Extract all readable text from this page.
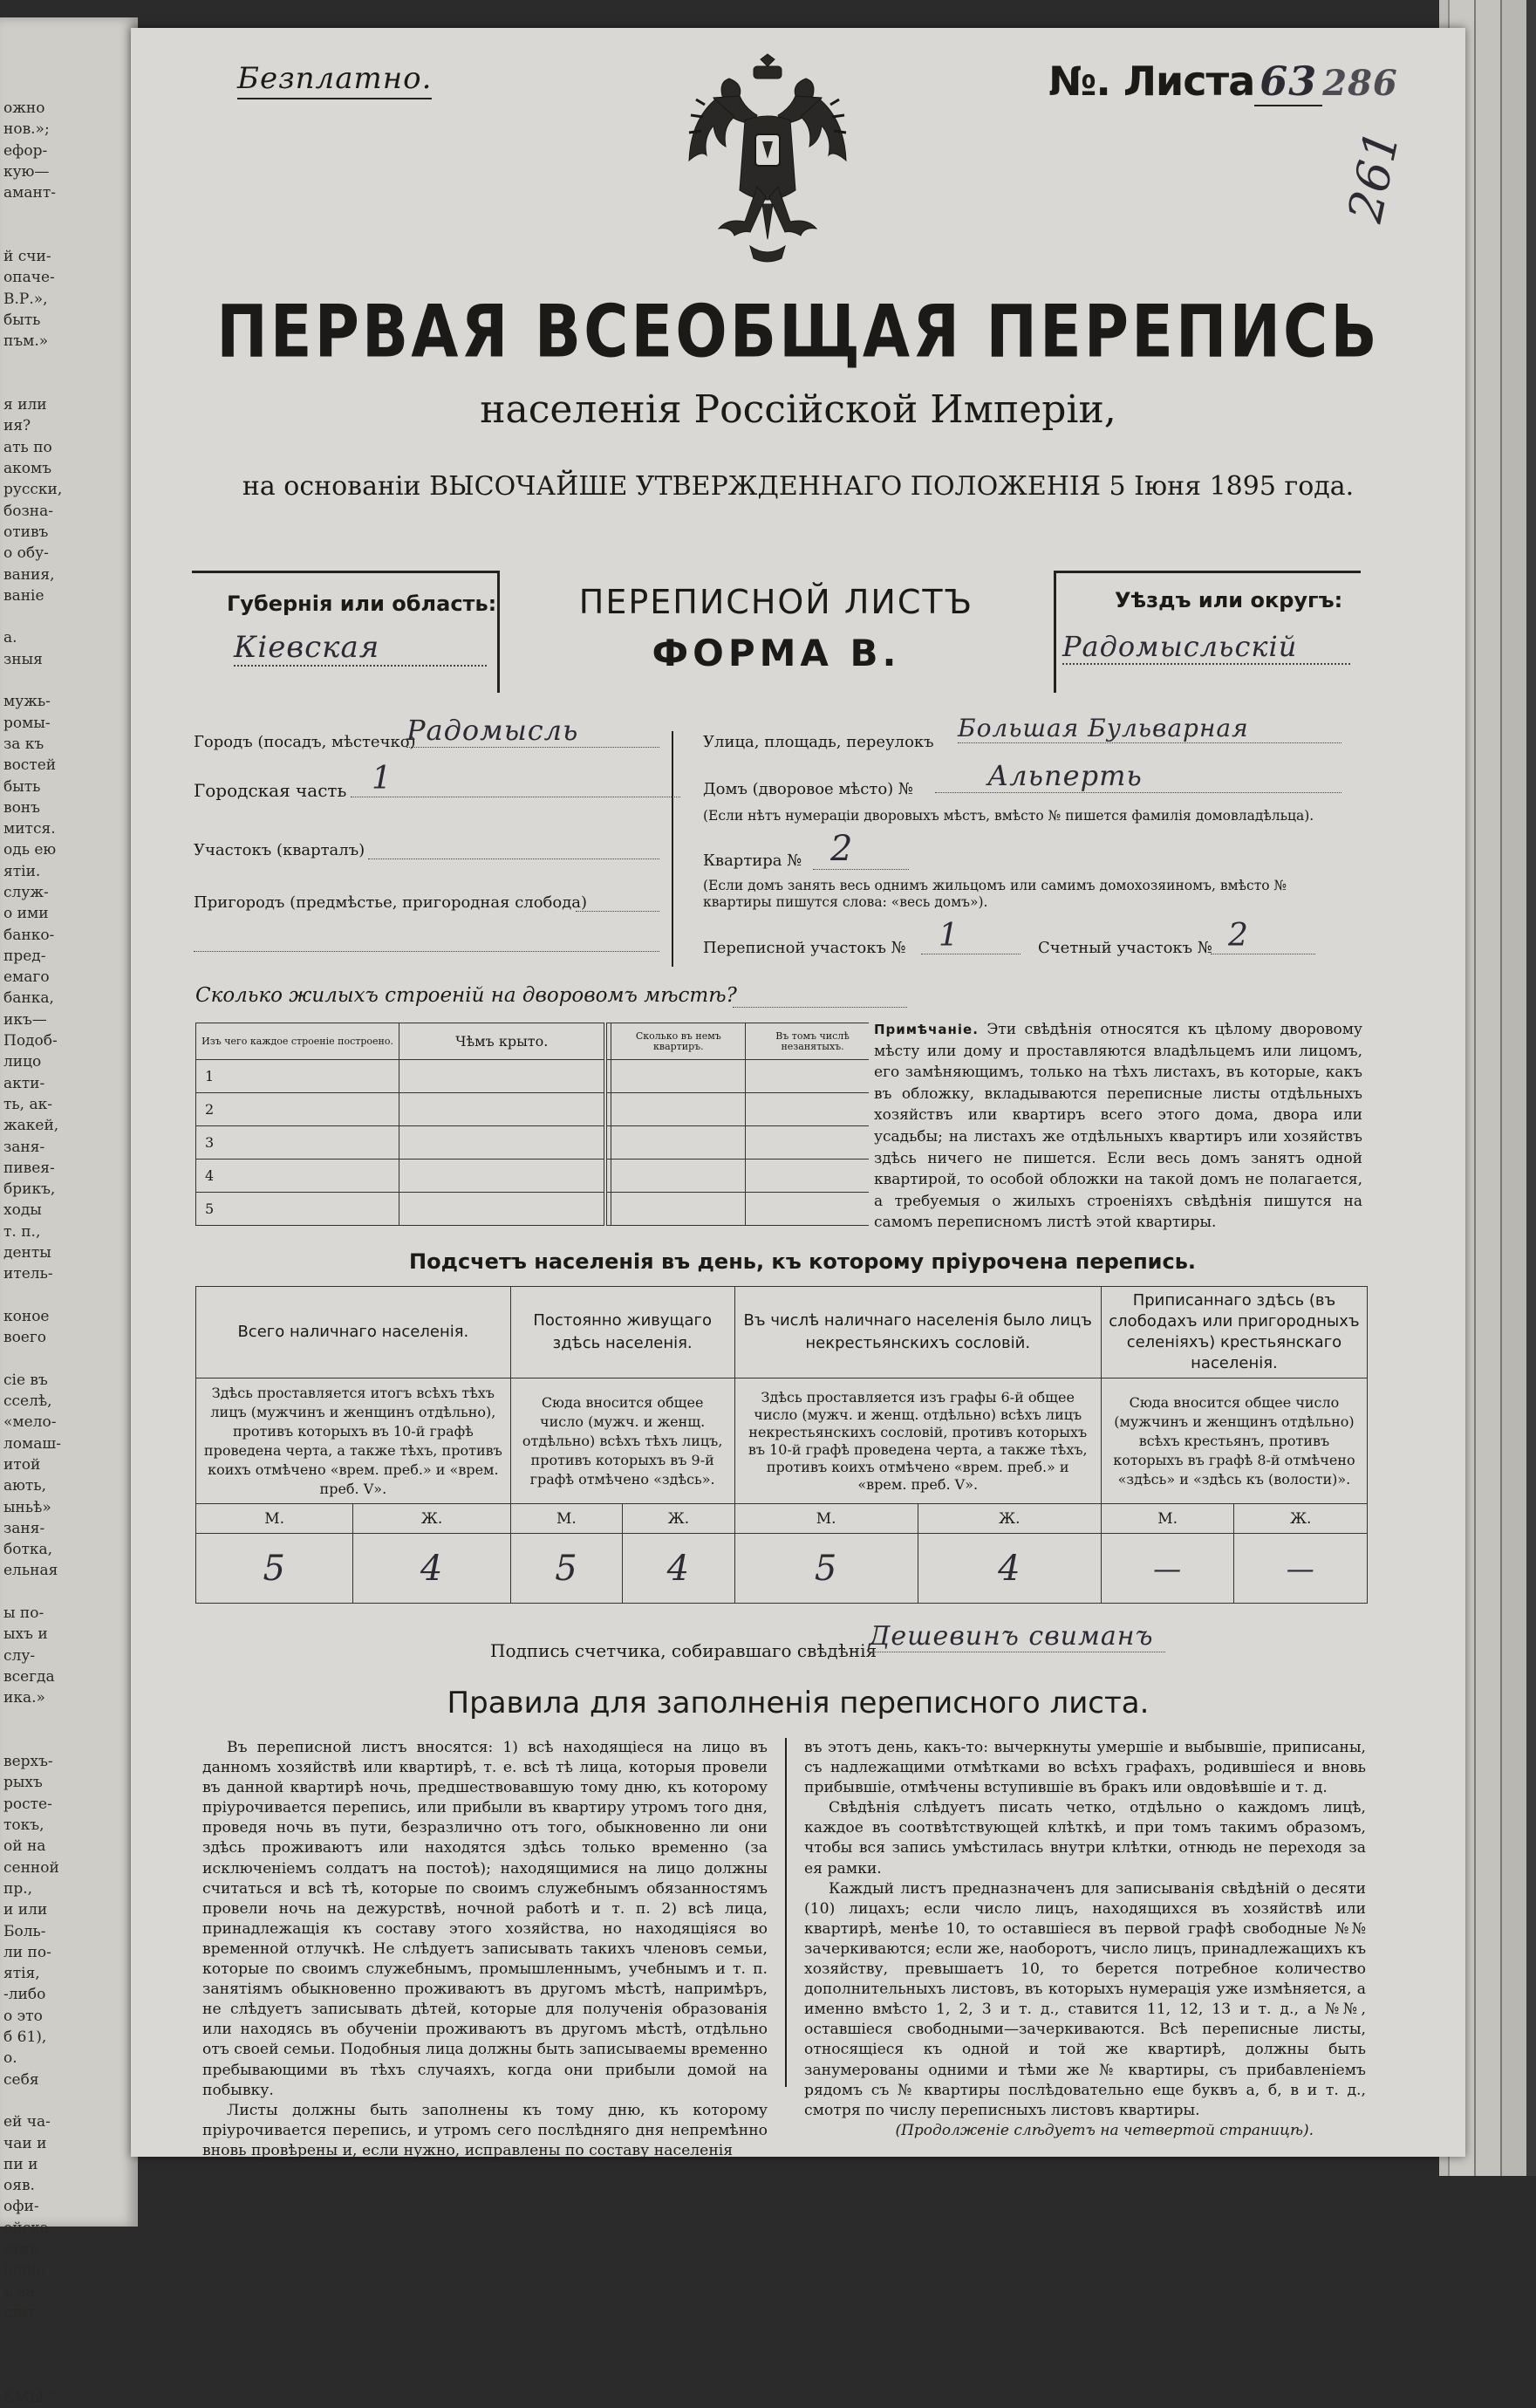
ожно
нов.»;
ефор-
кую—
амант-

й счи-
опаче-
В.Р.»,
быть
пъм.»

я или
ия?
ать по
акомъ
русски,
бозна-
отивъ
о обу-
вания,
ваніе

а.
зныя

мужь-
ромы-
за къ
востей
быть
вонъ
мится.
одь ею
ятіи.
служ-
о ими
банко-
пред-
емаго
банка,
икъ—
Подоб-
лицо
акти-
ть, ак-
жакей,
заня-
пивея-
брикъ,
ходы
т. п.,
денты
итель-

коное
воего

сіе въ
сселѣ,
«мело-
ломаш-
итой
ають,
ыньѣ»
заня-
ботка,
ельная

ы по-
ыхъ и
слу-
всегда
ика.»

верхъ-
рыхъ
росте-
токъ,
ой на
сенной
пр.,
и или
Боль-
ли по-
ятія,
-либо
о это
б 61),
о.
себя

ей ча-
чаи и
пи и
ояв.
офи-
ойска
ствъ
іеніе,
ъ за-
шит.

БМЫ."
Безплатно.	№. Листа 63 286
261
ПЕРВАЯ ВСЕОБЩАЯ ПЕРЕПИСЬ
населенія Россійской Имперіи,
на основаніи ВЫСОЧАЙШЕ УТВЕРЖДЕННАГО ПОЛОЖЕНІЯ 5 Іюня 1895 года.
Губернія или область:
Кіевская
ПЕРЕПИСНОЙ ЛИСТЪ
ФОРМА В.
Уѣздъ или округъ:
Радомысльскій
Городъ (посадъ, мѣстечко)
Радомысль
Городская часть 1
Участокъ (кварталъ)
Пригородъ (предмѣстье, пригородная слобода)
Улица, площадь, переулокъ Большая Бульварная
Домъ (дворовое мѣсто) №	Альперть
(Если нѣтъ нумераціи дворовыхъ мѣстъ, вмѣсто № пишется фамилія домовладѣльца).
Квартира № 2
(Если домъ занять весь однимъ жильцомъ или самимъ домохозяиномъ, вмѣсто № квартиры пишутся слова: «весь домъ»).
Переписной участокъ №	1	Счетный участокъ № 2
Сколько жилыхъ строеній на дворовомъ мѣстѣ?
Изъ чего каждое строеніе построено.	Чѣмъ крыто.		Сколько въ немъ квартиръ.	Въ томъ числѣ незанятыхъ.	
1					
2					
3					
4					
5					
Примѣчаніе. Эти свѣдѣнія относятся къ цѣлому дворовому мѣсту или дому и проставляются владѣльцемъ или лицомъ, его замѣняющимъ, только на тѣхъ листахъ, въ которые, какъ въ обложку, вкладываются переписные листы отдѣльныхъ хозяйствъ или квартиръ всего этого дома, двора или усадьбы; на листахъ же отдѣльныхъ квартиръ или хозяйствъ здѣсь ничего не пишется. Если весь домъ занятъ одной квартирой, то особой обложки на такой домъ не полагается, а требуемыя о жилыхъ строеніяхъ свѣдѣнія пишутся на самомъ переписномъ листѣ этой квартиры.
Подсчетъ населенія въ день, къ которому пріурочена перепись.
Всего наличнаго населенія.		Постоянно живущаго здѣсь населенія.		Въ числѣ наличнаго населенія было лицъ некрестьянскихъ сословій.		Приписаннаго здѣсь (въ слободахъ или пригородныхъ селеніяхъ) крестьянскаго населенія.	
Здѣсь проставляется итогъ всѣхъ тѣхъ лицъ (мужчинъ и женщинъ отдѣльно), противъ которыхъ въ 10-й графѣ проведена черта, а также тѣхъ, противъ коихъ отмѣчено «врем. преб.» и «врем. преб. V».		Сюда вносится общее число (мужч. и женщ. отдѣльно) всѣхъ тѣхъ лицъ, противъ которыхъ въ 9-й графѣ отмѣчено «здѣсь».		Здѣсь проставляется изъ графы 6-й общее число (мужч. и женщ. отдѣльно) всѣхъ лицъ некрестьянскихъ сословій, противъ которыхъ въ 10-й графѣ проведена черта, а также тѣхъ, противъ коихъ отмѣчено «врем. преб.» и «врем. преб. V».		Сюда вносится общее число (мужчинъ и женщинъ отдѣльно) всѣхъ крестьянъ, противъ которыхъ въ графѣ 8-й отмѣчено «здѣсь» и «здѣсь къ (волости)».	
М.	Ж.	М.	Ж.	М.	Ж.	М.	Ж.
5	4	5	4	5	4	—	—
Подпись счетчика, собиравшаго свѣдѣнія
Дешевинъ свиманъ
Правила для заполненія переписного листа.

Въ переписной листъ вносятся: 1) всѣ находящіеся на лицо въ данномъ хозяйствѣ или квартирѣ, т. е. всѣ тѣ лица, которыя провели въ данной квартирѣ ночь, предшествовавшую тому дню, къ которому пріурочивается перепись, или прибыли въ квартиру утромъ того дня, проведя ночь въ пути, безразлично отъ того, обыкновенно ли они здѣсь проживаютъ или находятся здѣсь только временно (за исключеніемъ солдатъ на постоѣ); находящимися на лицо должны считаться и всѣ тѣ, которые по своимъ служебнымъ обязанностямъ провели ночь на дежурствѣ, ночной работѣ и т. п. 2) всѣ лица, принадлежащія къ составу этого хозяйства, но находящіяся во временной отлучкѣ. Не слѣдуетъ записывать такихъ членовъ семьи, которые по своимъ служебнымъ, промышленнымъ, учебнымъ и т. п. занятіямъ обыкновенно проживаютъ въ другомъ мѣстѣ, напримѣръ, не слѣдуетъ записывать дѣтей, которые для полученія образованія или находясь въ обученіи проживаютъ въ другомъ мѣстѣ, отдѣльно отъ своей семьи. Подобныя лица должны быть записываемы временно пребывающими въ тѣхъ случаяхъ, когда они прибыли домой на побывку.

Листы должны быть заполнены къ тому дню, къ которому пріурочивается перепись, и утромъ сего послѣдняго дня непремѣнно вновь провѣрены и, если нужно, исправлены по составу населенія

въ этотъ день, какъ-то: вычеркнуты умершіе и выбывшіе, приписаны, съ надлежащими отмѣтками во всѣхъ графахъ, родившіеся и вновь прибывшіе, отмѣчены вступившіе въ бракъ или овдовѣвшіе и т. д.

Свѣдѣнія слѣдуетъ писать четко, отдѣльно о каждомъ лицѣ, каждое въ соотвѣтствующей клѣткѣ, и при томъ такимъ образомъ, чтобы вся запись умѣстилась внутри клѣтки, отнюдь не переходя за ея рамки.

Каждый листъ предназначенъ для записыванія свѣдѣній о десяти (10) лицахъ; если число лицъ, находящихся въ хозяйствѣ или квартирѣ, менѣе 10, то оставшіеся въ первой графѣ свободные №№ зачеркиваются; если же, наоборотъ, число лицъ, принадлежащихъ къ хозяйству, превышаетъ 10, то берется потребное количество дополнительныхъ листовъ, въ которыхъ нумерація уже измѣняется, а именно вмѣсто 1, 2, 3 и т. д., ставится 11, 12, 13 и т. д., а №№, оставшіеся свободными—зачеркиваются. Всѣ переписные листы, относящіеся къ одной и той же квартирѣ, должны быть занумерованы одними и тѣми же № квартиры, съ прибавленіемъ рядомъ съ № квартиры послѣдовательно еще буквъ а, б, в и т. д., смотря по числу переписныхъ листовъ квартиры.

(Продолженіе слѣдуетъ на четвертой страницѣ).
